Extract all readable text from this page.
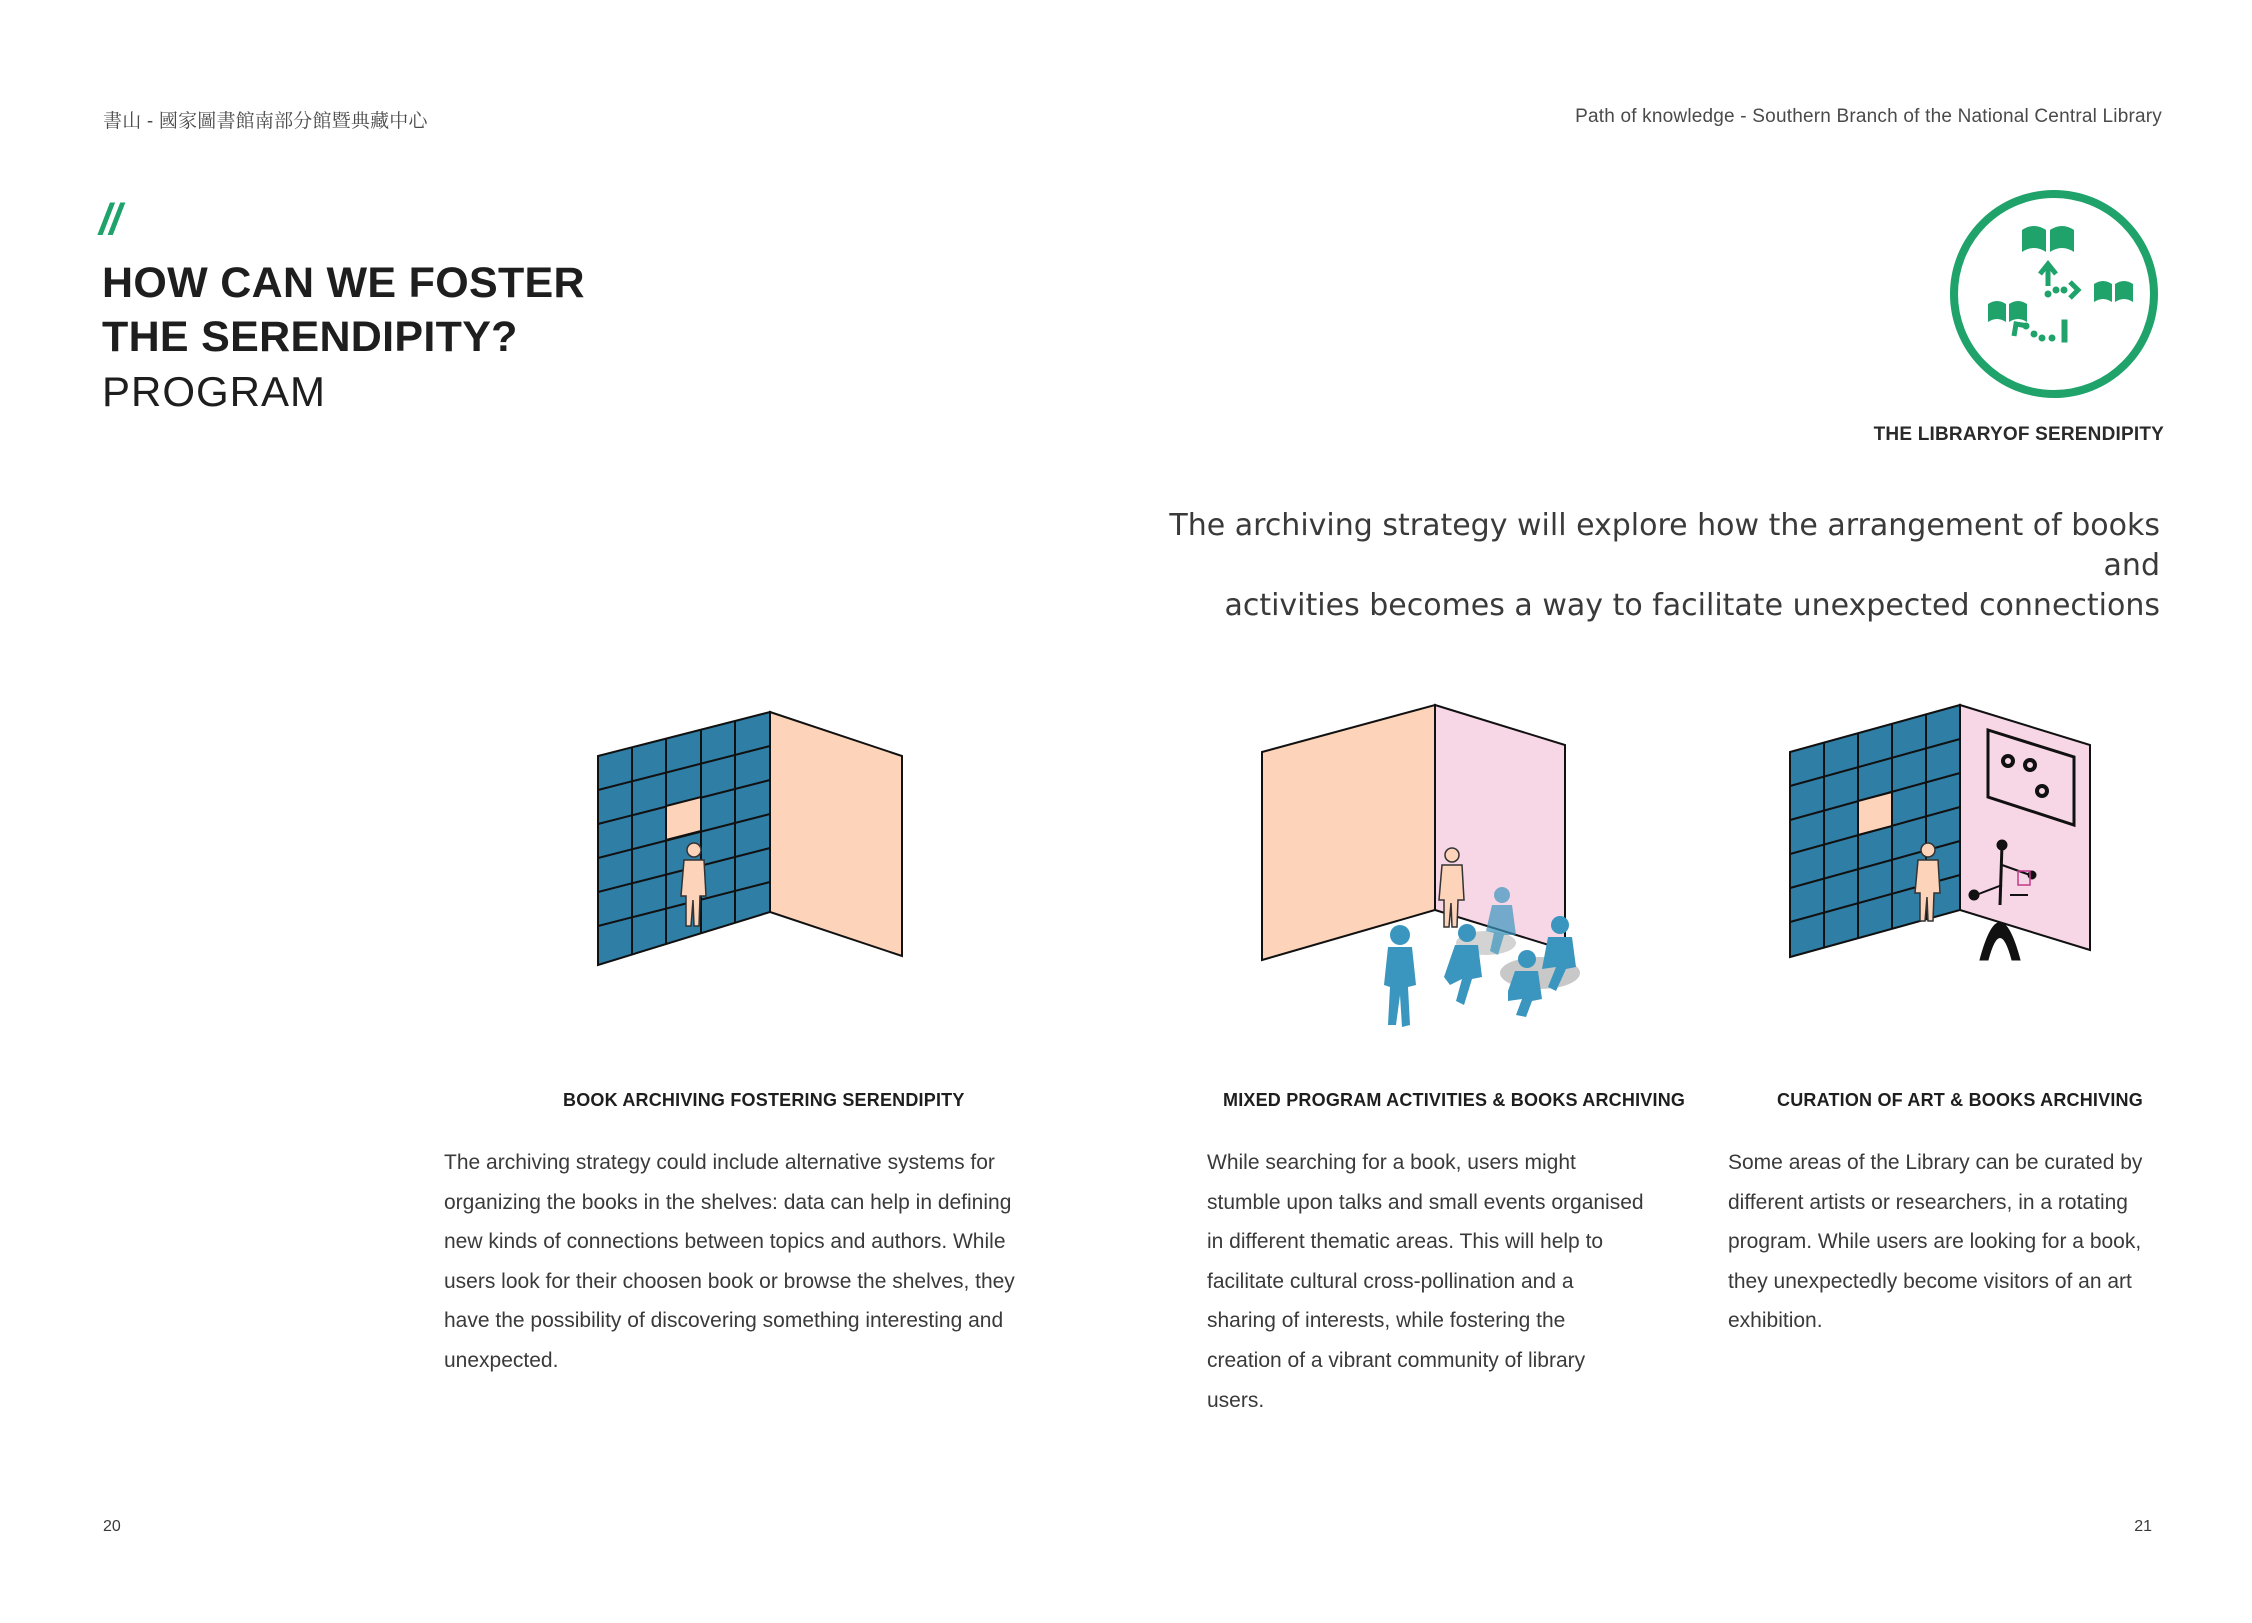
書山 - 國家圖書館南部分館暨典藏中心	Path of knowledge - Southern Branch of the National Central Library
//
HOW CAN WE FOSTER
THE SERENDIPITY?
PROGRAM
THE LIBRARYOF SERENDIPITY
The archiving strategy will explore how the arrangement of books and
activities becomes a way to facilitate unexpected connections
BOOK ARCHIVING FOSTERING SERENDIPITY	MIXED PROGRAM ACTIVITIES & BOOKS ARCHIVING	CURATION OF ART & BOOKS ARCHIVING
The archiving strategy could include alternative systems for
organizing the books in the shelves: data can help in defining
new kinds of connections between topics and authors. While
users look for their choosen book or browse the shelves, they
have the possibility of discovering something interesting and
unexpected.
While searching for a book, users might
stumble upon talks and small events organised
in different thematic areas. This will help to
facilitate cultural cross-pollination and a
sharing of interests, while fostering the
creation of a vibrant community of library
users.
Some areas of the Library can be curated by
different artists or researchers, in a rotating
program. While users are looking for a book,
they unexpectedly become visitors of an art
exhibition.
20	21
